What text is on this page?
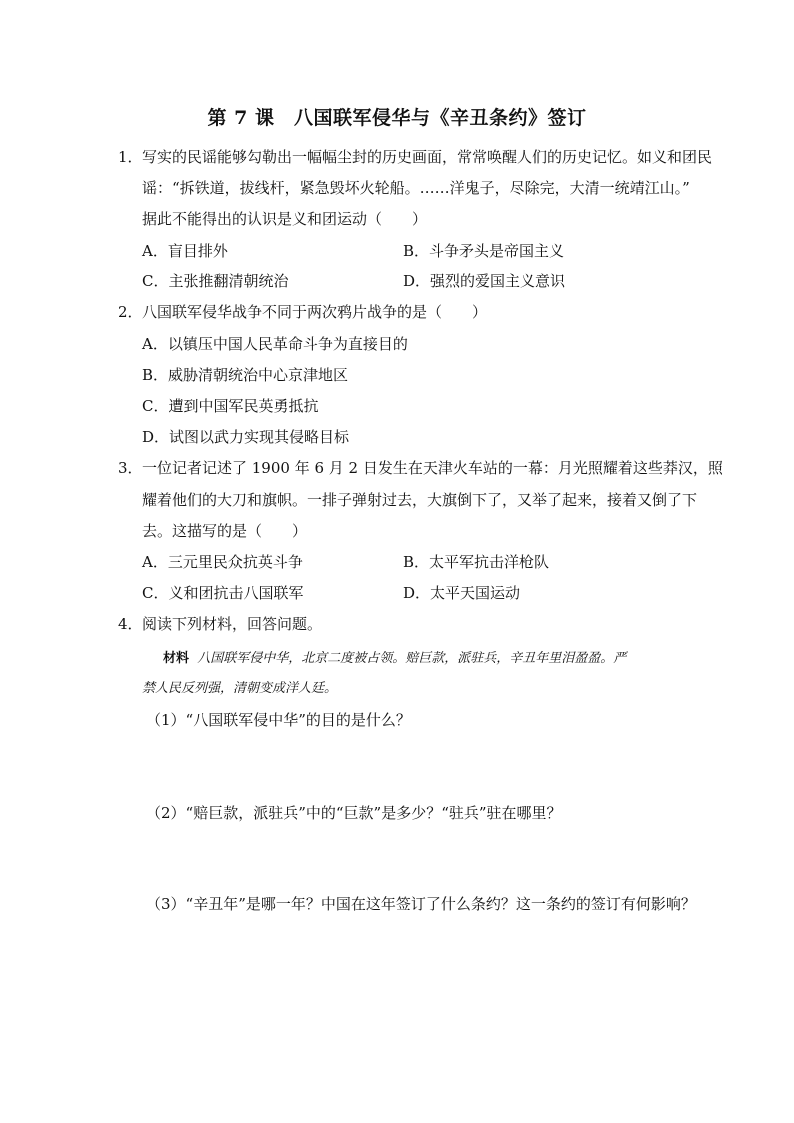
第 7 课　八国联军侵华与《辛丑条约》签订
1． 写实的民谣能够勾勒出一幅幅尘封的历史画面，常常唤醒人们的历史记忆。如义和团民
谣：“拆铁道，拔线杆，紧急毁坏火轮船。……洋鬼子，尽除完，大清一统靖江山。”
据此不能得出的认识是义和团运动（　　）
A．盲目排外	B．斗争矛头是帝国主义
C．主张推翻清朝统治	D．强烈的爱国主义意识
2． 八国联军侵华战争不同于两次鸦片战争的是（　　）
A．以镇压中国人民革命斗争为直接目的
B．威胁清朝统治中心京津地区
C．遭到中国军民英勇抵抗
D．试图以武力实现其侵略目标
3． 一位记者记述了 1900 年 6 月 2 日发生在天津火车站的一幕：月光照耀着这些莽汉，照
耀着他们的大刀和旗帜。一排子弹射过去，大旗倒下了，又举了起来，接着又倒了下
去。这描写的是（　　）
A．三元里民众抗英斗争	B．太平军抗击洋枪队
C．义和团抗击八国联军	D．太平天国运动
4． 阅读下列材料，回答问题。
材料 八国联军侵中华，北京二度被占领。赔巨款，派驻兵，辛丑年里泪盈盈。严
禁人民反列强，清朝变成洋人廷。
（1）“八国联军侵中华”的目的是什么？
（2）“赔巨款，派驻兵”中的“巨款”是多少？“驻兵”驻在哪里？
（3）“辛丑年”是哪一年？中国在这年签订了什么条约？这一条约的签订有何影响？
